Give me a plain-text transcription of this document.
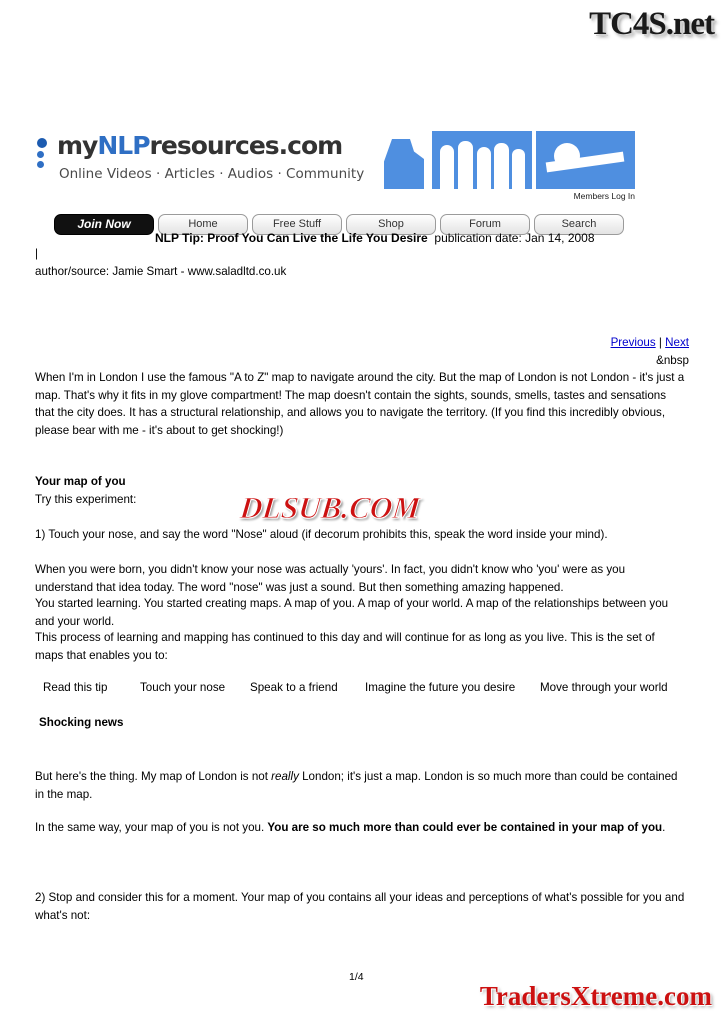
TC4S.net
myNLPresources.com
Online Videos · Articles · Audios · Community
Members Log In
Join Now	Home	Free Stuff	Shop	Forum	Search
NLP Tip: Proof You Can Live the Life You Desire publication date: Jan 14, 2008
|
author/source: Jamie Smart - www.saladltd.co.uk
Previous | Next
&nbsp
When I'm in London I use the famous "A to Z" map to navigate around the city. But the map of London is not London - it's just a map. That's why it fits in my glove compartment! The map doesn't contain the sights, sounds, smells, tastes and sensations that the city does. It has a structural relationship, and allows you to navigate the territory. (If you find this incredibly obvious, please bear with me - it's about to get shocking!)
Your map of you
Try this experiment:
1) Touch your nose, and say the word "Nose" aloud (if decorum prohibits this, speak the word inside your mind).
When you were born, you didn't know your nose was actually 'yours'. In fact, you didn't know who 'you' were as you understand that idea today. The word "nose" was just a sound. But then something amazing happened.
You started learning. You started creating maps. A map of you. A map of your world. A map of the relationships between you and your world.
This process of learning and mapping has continued to this day and will continue for as long as you live. This is the set of maps that enables you to:
Read this tip	Touch your nose Speak to a friend Imagine the future you desire Move through your world
Shocking news
But here's the thing. My map of London is not really London; it's just a map. London is so much more than could be contained in the map.
In the same way, your map of you is not you. You are so much more than could ever be contained in your map of you.
2) Stop and consider this for a moment. Your map of you contains all your ideas and perceptions of what's possible for you and what's not:
DLSUB.COM
1/4
TradersXtreme.com
